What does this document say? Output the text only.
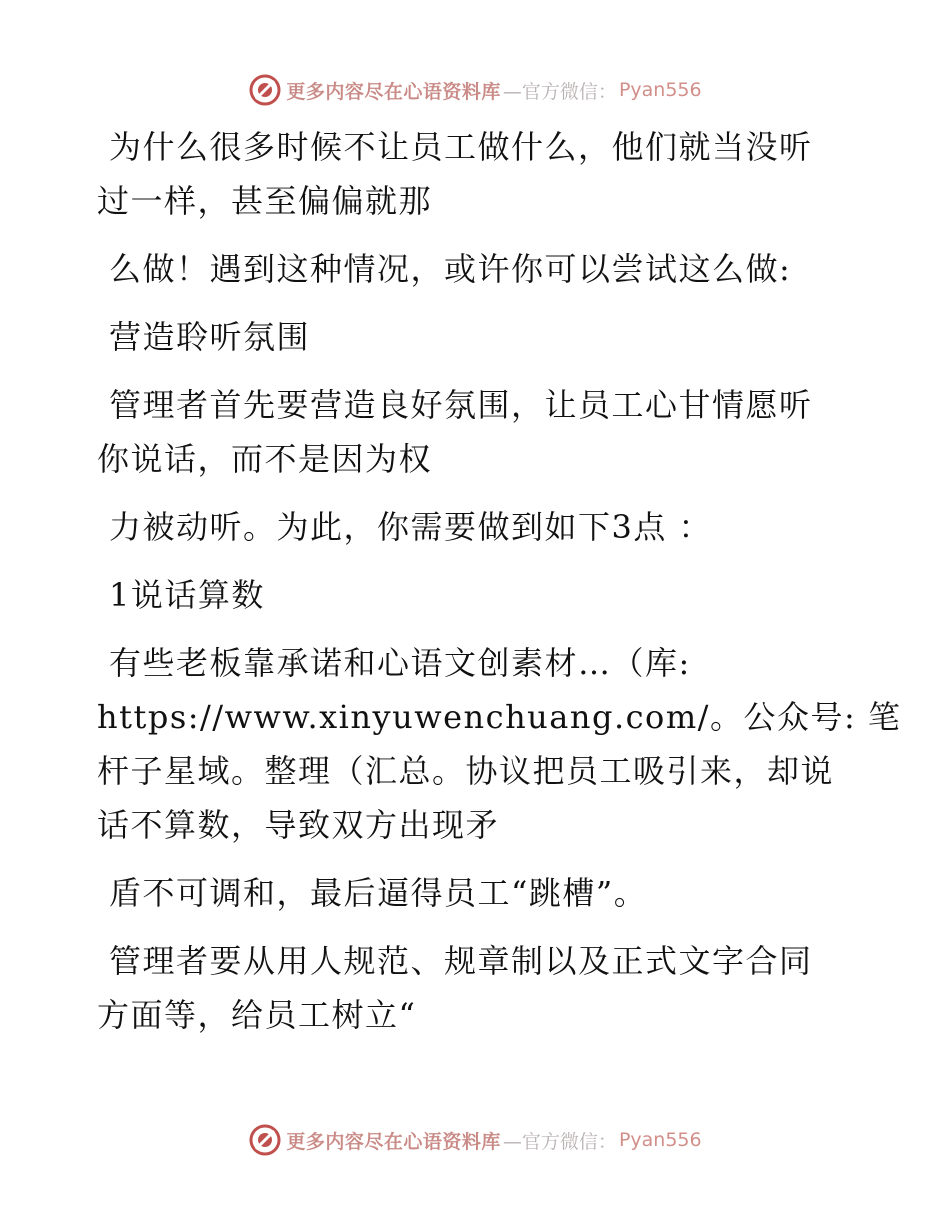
更多内容尽在心语资料库 —官方微信： Pyan556

为什么很多时候不让员工做什么，他们就当没听
过一样，甚至偏偏就那

么做！遇到这种情况，或许你可以尝试这么做:

营造聆听氛围

管理者首先要营造良好氛围，让员工心甘情愿听
你说话，而不是因为权

力被动听。为此，你需要做到如下3点 ：

1说话算数

有些老板靠承诺和心语文创素材…（库:
https://www.xinyuwenchuang.com/。公众号: 笔
杆子星域。整理（汇总。协议把员工吸引来，却说
话不算数，导致双方出现矛

盾不可调和，最后逼得员工“跳槽”。

管理者要从用人规范、规章制以及正式文字合同
方面等，给员工树立“

更多内容尽在心语资料库 —官方微信： Pyan556
